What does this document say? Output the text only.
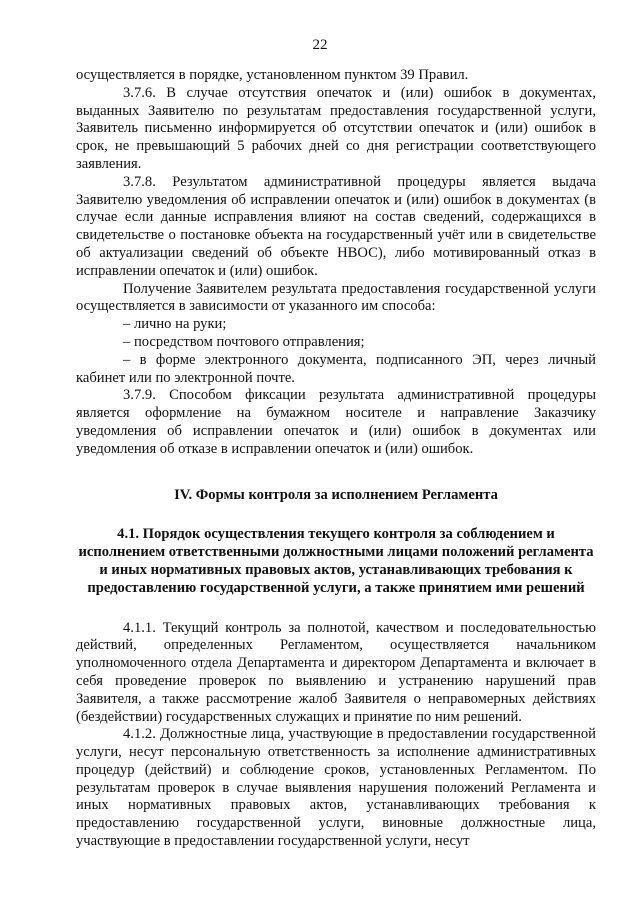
22

осуществляется в порядке, установленном пунктом 39 Правил.

3.7.6. В случае отсутствия опечаток и (или) ошибок в документах, выданных Заявителю по результатам предоставления государственной услуги, Заявитель письменно информируется об отсутствии опечаток и (или) ошибок в срок, не превышающий 5 рабочих дней со дня регистрации соответствующего заявления.

3.7.8. Результатом административной процедуры является выдача Заявителю уведомления об исправлении опечаток и (или) ошибок в документах (в случае если данные исправления влияют на состав сведений, содержащихся в свидетельстве о постановке объекта на государственный учёт или в свидетельстве об актуализации сведений об объекте НВОС), либо мотивированный отказ в исправлении опечаток и (или) ошибок.

Получение Заявителем результата предоставления государственной услуги осуществляется в зависимости от указанного им способа:

– лично на руки;

– посредством почтового отправления;

– в форме электронного документа, подписанного ЭП, через личный кабинет или по электронной почте.

3.7.9. Способом фиксации результата административной процедуры является оформление на бумажном носителе и направление Заказчику уведомления об исправлении опечаток и (или) ошибок в документах или уведомления об отказе в исправлении опечаток и (или) ошибок.

IV. Формы контроля за исполнением Регламента

4.1. Порядок осуществления текущего контроля за соблюдением и исполнением ответственными должностными лицами положений регламента и иных нормативных правовых актов, устанавливающих требования к предоставлению государственной услуги, а также принятием ими решений

4.1.1. Текущий контроль за полнотой, качеством и последовательностью действий, определенных Регламентом, осуществляется начальником уполномоченного отдела Департамента и директором Департамента и включает в себя проведение проверок по выявлению и устранению нарушений прав Заявителя, а также рассмотрение жалоб Заявителя о неправомерных действиях (бездействии) государственных служащих и принятие по ним решений.

4.1.2. Должностные лица, участвующие в предоставлении государственной услуги, несут персональную ответственность за исполнение административных процедур (действий) и соблюдение сроков, установленных Регламентом. По результатам проверок в случае выявления нарушения положений Регламента и иных нормативных правовых актов, устанавливающих требования к предоставлению государственной услуги, виновные должностные лица, участвующие в предоставлении государственной услуги, несут
